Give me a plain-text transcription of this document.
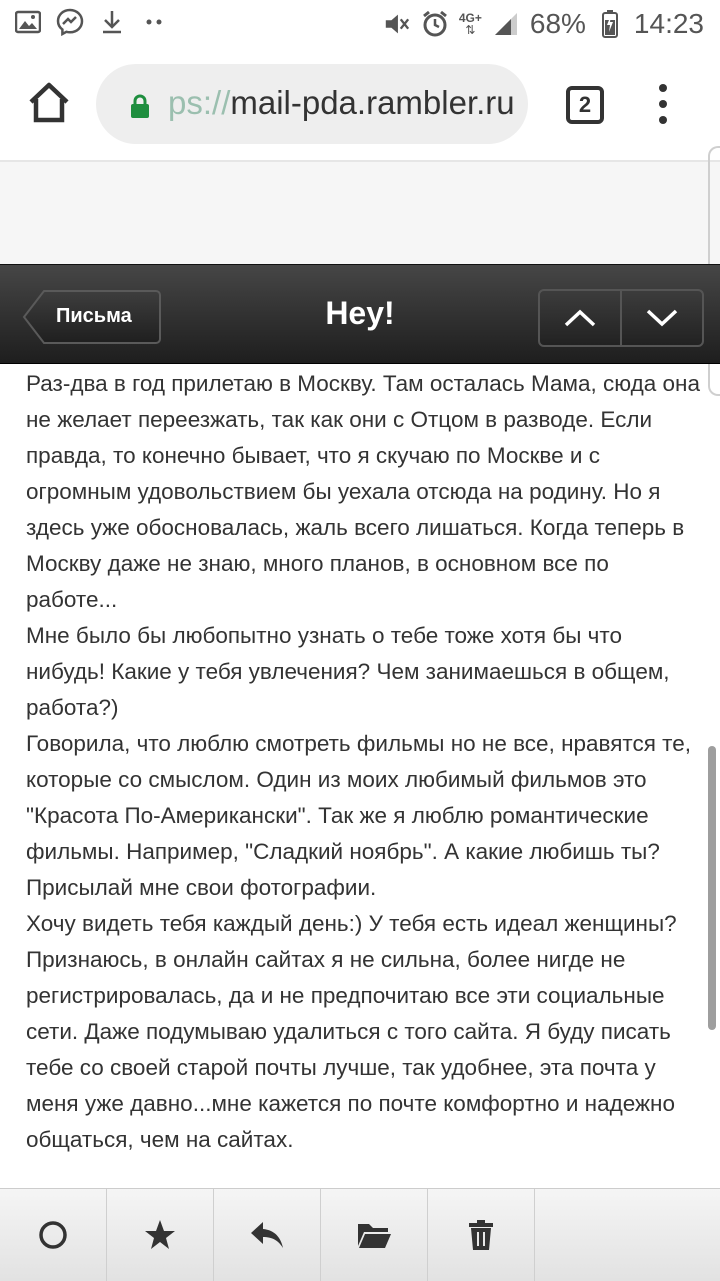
4G+
⇅ 68% 14:23
ps://mail-pda.rambler.ru	2
Письма	Hey!

Раз-два в год прилетаю в Москву. Там осталась Мама, сюда она не желает переезжать, так как они с Отцом в разводе. Если правда, то конечно бывает, что я скучаю по Москве и с огромным удовольствием бы уехала отсюда на родину. Но я здесь уже обосновалась, жаль всего лишаться. Когда теперь в Москву даже не знаю, много планов, в основном все по работе...

Мне было бы любопытно узнать о тебе тоже хотя бы что нибудь! Какие у тебя увлечения? Чем занимаешься в общем, работа?)

Говорила, что люблю смотреть фильмы но не все, нравятся те, которые со смыслом. Один из моих любимый фильмов это "Красота По-Американски". Так же я люблю романтические фильмы. Например, "Сладкий ноябрь". А какие любишь ты?  Присылай мне свои фотографии.

Хочу видеть тебя каждый день:) У тебя есть идеал женщины?

Признаюсь, в онлайн сайтах я не сильна, более нигде не регистрировалась, да и не предпочитаю все эти социальные сети. Даже подумываю удалиться с того сайта. Я буду писать тебе со своей старой почты лучше, так удобнее, эта почта у меня уже давно...мне кажется по почте комфортно и надежно общаться, чем на сайтах.
